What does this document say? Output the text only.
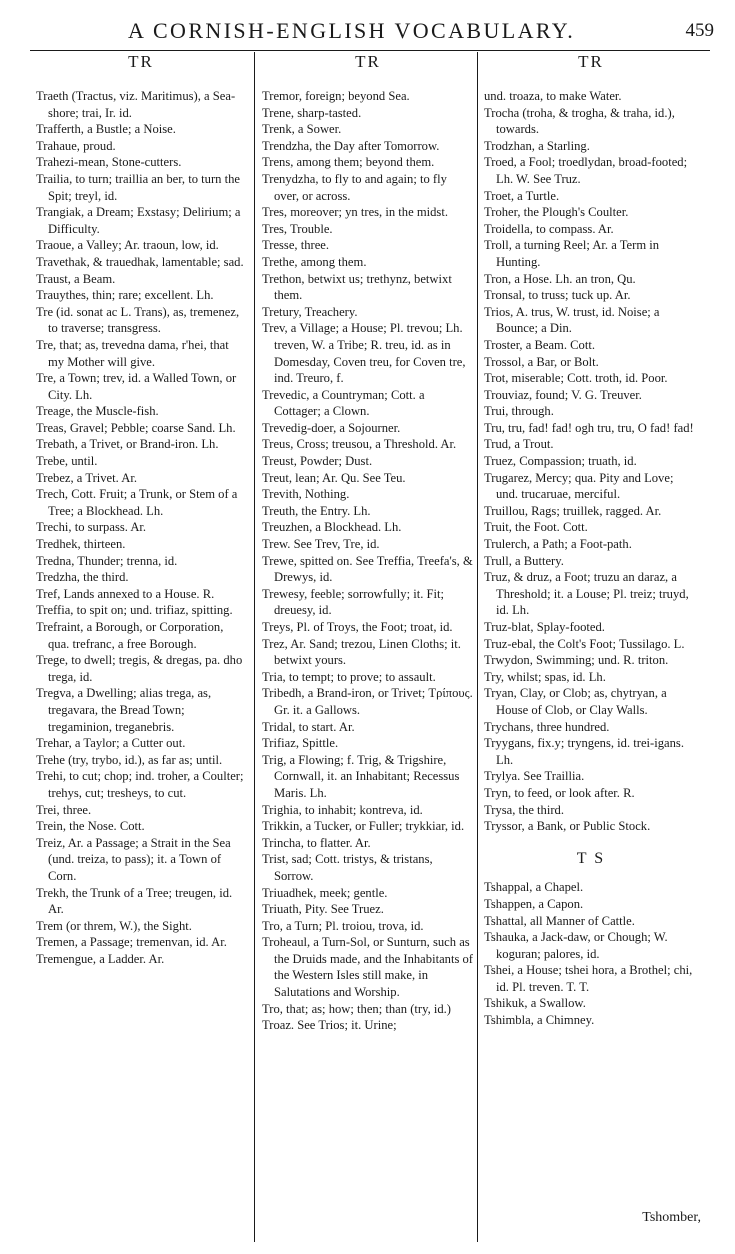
A CORNISH-ENGLISH VOCABULARY.	459
TR	TR	TR

Traeth (Tractus, viz. Maritimus), a Sea-shore; trai, Ir. id.

Trafferth, a Bustle; a Noise.

Trahaue, proud.

Trahezi-mean, Stone-cutters.

Trailia, to turn; traillia an ber, to turn the Spit; treyl, id.

Trangiak, a Dream; Exstasy; Delirium; a Difficulty.

Traoue, a Valley; Ar. traoun, low, id.

Travethak, & trauedhak, lamentable; sad.

Traust, a Beam.

Trauythes, thin; rare; excellent. Lh.

Tre (id. sonat ac L. Trans), as, tremenez, to traverse; transgress.

Tre, that; as, trevedna dama, r'hei, that my Mother will give.

Tre, a Town; trev, id. a Walled Town, or City. Lh.

Treage, the Muscle-fish.

Treas, Gravel; Pebble; coarse Sand. Lh.

Trebath, a Trivet, or Brand-iron. Lh.

Trebe, until.

Trebez, a Trivet. Ar.

Trech, Cott. Fruit; a Trunk, or Stem of a Tree; a Blockhead. Lh.

Trechi, to surpass. Ar.

Tredhek, thirteen.

Tredna, Thunder; trenna, id.

Tredzha, the third.

Tref, Lands annexed to a House. R.

Treffia, to spit on; und. trifiaz, spitting.

Trefraint, a Borough, or Corporation, qua. trefranc, a free Borough.

Trege, to dwell; tregis, & dregas, pa. dho trega, id.

Tregva, a Dwelling; alias trega, as, tregavara, the Bread Town; tregaminion, treganebris.

Trehar, a Taylor; a Cutter out.

Trehe (try, trybo, id.), as far as; until.

Trehi, to cut; chop; ind. troher, a Coulter; trehys, cut; tresheys, to cut.

Trei, three.

Trein, the Nose. Cott.

Treiz, Ar. a Passage; a Strait in the Sea (und. treiza, to pass); it. a Town of Corn.

Trekh, the Trunk of a Tree; treugen, id. Ar.

Trem (or threm, W.), the Sight.

Tremen, a Passage; tremenvan, id. Ar.

Tremengue, a Ladder. Ar.

Tremor, foreign; beyond Sea.

Trene, sharp-tasted.

Trenk, a Sower.

Trendzha, the Day after Tomorrow.

Trens, among them; beyond them.

Trenydzha, to fly to and again; to fly over, or across.

Tres, moreover; yn tres, in the midst.

Tres, Trouble.

Tresse, three.

Trethe, among them.

Trethon, betwixt us; trethynz, betwixt them.

Tretury, Treachery.

Trev, a Village; a House; Pl. trevou; Lh. treven, W. a Tribe; R. treu, id. as in Domesday, Coven treu, for Coven tre, ind. Treuro, f.

Trevedic, a Countryman; Cott. a Cottager; a Clown.

Trevedig-doer, a Sojourner.

Treus, Cross; treusou, a Threshold. Ar.

Treust, Powder; Dust.

Treut, lean; Ar. Qu. See Teu.

Trevith, Nothing.

Treuth, the Entry. Lh.

Treuzhen, a Blockhead. Lh.

Trew. See Trev, Tre, id.

Trewe, spitted on. See Treffia, Treefa's, & Drewys, id.

Trewesy, feeble; sorrowfully; it. Fit; dreuesy, id.

Treys, Pl. of Troys, the Foot; troat, id.

Trez, Ar. Sand; trezou, Linen Cloths; it. betwixt yours.

Tria, to tempt; to prove; to assault.

Tribedh, a Brand-iron, or Trivet; Τρίπους. Gr. it. a Gallows.

Tridal, to start. Ar.

Trifiaz, Spittle.

Trig, a Flowing; f. Trig, & Trigshire, Cornwall, it. an Inhabitant; Recessus Maris. Lh.

Trighia, to inhabit; kontreva, id.

Trikkin, a Tucker, or Fuller; trykkiar, id.

Trincha, to flatter. Ar.

Trist, sad; Cott. tristys, & tristans, Sorrow.

Triuadhek, meek; gentle.

Triuath, Pity. See Truez.

Tro, a Turn; Pl. troiou, trova, id.

Troheaul, a Turn-Sol, or Sunturn, such as the Druids made, and the Inhabitants of the Western Isles still make, in Salutations and Worship.

Tro, that; as; how; then; than (try, id.)

Troaz. See Trios; it. Urine;

und. troaza, to make Water.

Trocha (troha, & trogha, & traha, id.), towards.

Trodzhan, a Starling.

Troed, a Fool; troedlydan, broad-footed; Lh. W. See Truz.

Troet, a Turtle.

Troher, the Plough's Coulter.

Troidella, to compass. Ar.

Troll, a turning Reel; Ar. a Term in Hunting.

Tron, a Hose. Lh. an tron, Qu.

Tronsal, to truss; tuck up. Ar.

Trios, A. trus, W. trust, id. Noise; a Bounce; a Din.

Troster, a Beam. Cott.

Trossol, a Bar, or Bolt.

Trot, miserable; Cott. troth, id. Poor.

Trouviaz, found; V. G. Treuver.

Trui, through.

Tru, tru, fad! fad! ogh tru, tru, O fad! fad!

Trud, a Trout.

Truez, Compassion; truath, id.

Trugarez, Mercy; qua. Pity and Love; und. trucaruae, merciful.

Truillou, Rags; truillek, ragged. Ar.

Truit, the Foot. Cott.

Trulerch, a Path; a Foot-path.

Trull, a Buttery.

Truz, & druz, a Foot; truzu an daraz, a Threshold; it. a Louse; Pl. treiz; truyd, id. Lh.

Truz-blat, Splay-footed.

Truz-ebal, the Colt's Foot; Tussilago. L.

Trwydon, Swimming; und. R. triton.

Try, whilst; spas, id. Lh.

Tryan, Clay, or Clob; as, chytryan, a House of Clob, or Clay Walls.

Trychans, three hundred.

Tryygans, fix.y; tryngens, id. trei-igans. Lh.

Trylya. See Traillia.

Tryn, to feed, or look after. R.

Trysa, the third.

Tryssor, a Bank, or Public Stock.

T S

Tshappal, a Chapel.

Tshappen, a Capon.

Tshattal, all Manner of Cattle.

Tshauka, a Jack-daw, or Chough; W. koguran; palores, id.

Tshei, a House; tshei hora, a Brothel; chi, id. Pl. treven. T. T.

Tshikuk, a Swallow.

Tshimbla, a Chimney.

Tshomber,
